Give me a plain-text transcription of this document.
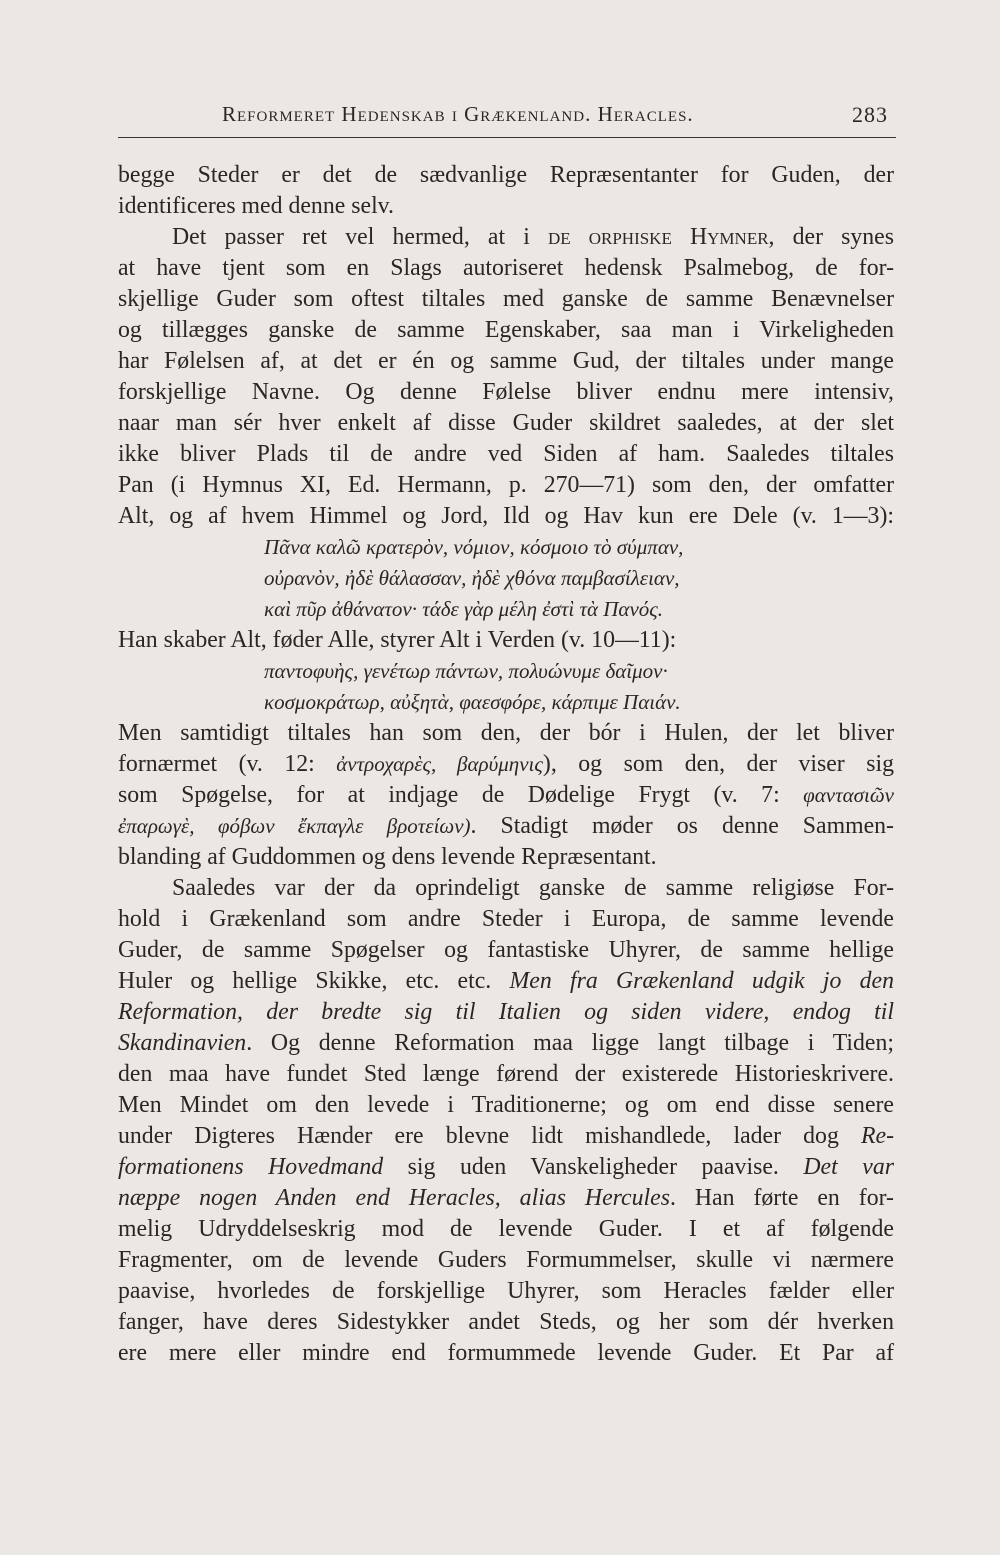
Reformeret Hedenskab i Grækenland. Heracles.	283
begge Steder er det de sædvanlige Repræsentanter for Guden, der
identificeres med denne selv.
Det passer ret vel hermed, at i de orphiske Hymner, der synes
at have tjent som en Slags autoriseret hedensk Psalmebog, de for-
skjellige Guder som oftest tiltales med ganske de samme Benævnelser
og tillægges ganske de samme Egenskaber, saa man i Virkeligheden
har Følelsen af, at det er én og samme Gud, der tiltales under mange
forskjellige Navne. Og denne Følelse bliver endnu mere intensiv,
naar man sér hver enkelt af disse Guder skildret saaledes, at der slet
ikke bliver Plads til de andre ved Siden af ham. Saaledes tiltales
Pan (i Hymnus XI, Ed. Hermann, p. 270—71) som den, der omfatter
Alt, og af hvem Himmel og Jord, Ild og Hav kun ere Dele (v. 1—3):
Πᾶνα καλῶ κρατερὸν, νόμιον, κόσμοιο τὸ σύμπαν,
οὐρανὸν, ἠδὲ θάλασσαν, ἠδὲ χθόνα παμβασίλειαν,
καὶ πῦρ ἀθάνατον· τάδε γὰρ μέλη ἐστὶ τὰ Πανός.
Han skaber Alt, føder Alle, styrer Alt i Verden (v. 10—11):
παντοφυὴς, γενέτωρ πάντων, πολυώνυμε δαῖμον·
κοσμοκράτωρ, αὐξητὰ, φαεσφόρε, κάρπιμε Παιάν.
Men samtidigt tiltales han som den, der bór i Hulen, der let bliver
fornærmet (v. 12: ἀντροχαρὲς, βαρύμηνις), og som den, der viser sig
som Spøgelse, for at indjage de Dødelige Frygt (v. 7: φαντασιῶν
ἐπαρωγὲ, φόβων ἔκπαγλε βροτείων). Stadigt møder os denne Sammen-
blanding af Guddommen og dens levende Repræsentant.
Saaledes var der da oprindeligt ganske de samme religiøse For-
hold i Grækenland som andre Steder i Europa, de samme levende
Guder, de samme Spøgelser og fantastiske Uhyrer, de samme hellige
Huler og hellige Skikke, etc. etc. Men fra Grækenland udgik jo den
Reformation, der bredte sig til Italien og siden videre, endog til
Skandinavien. Og denne Reformation maa ligge langt tilbage i Tiden;
den maa have fundet Sted længe førend der existerede Historieskrivere.
Men Mindet om den levede i Traditionerne; og om end disse senere
under Digteres Hænder ere blevne lidt mishandlede, lader dog Re-
formationens Hovedmand sig uden Vanskeligheder paavise. Det var
næppe nogen Anden end Heracles, alias Hercules. Han førte en for-
melig Udryddelseskrig mod de levende Guder. I et af følgende
Fragmenter, om de levende Guders Formummelser, skulle vi nærmere
paavise, hvorledes de forskjellige Uhyrer, som Heracles fælder eller
fanger, have deres Sidestykker andet Steds, og her som dér hverken
ere mere eller mindre end formummede levende Guder. Et Par af
